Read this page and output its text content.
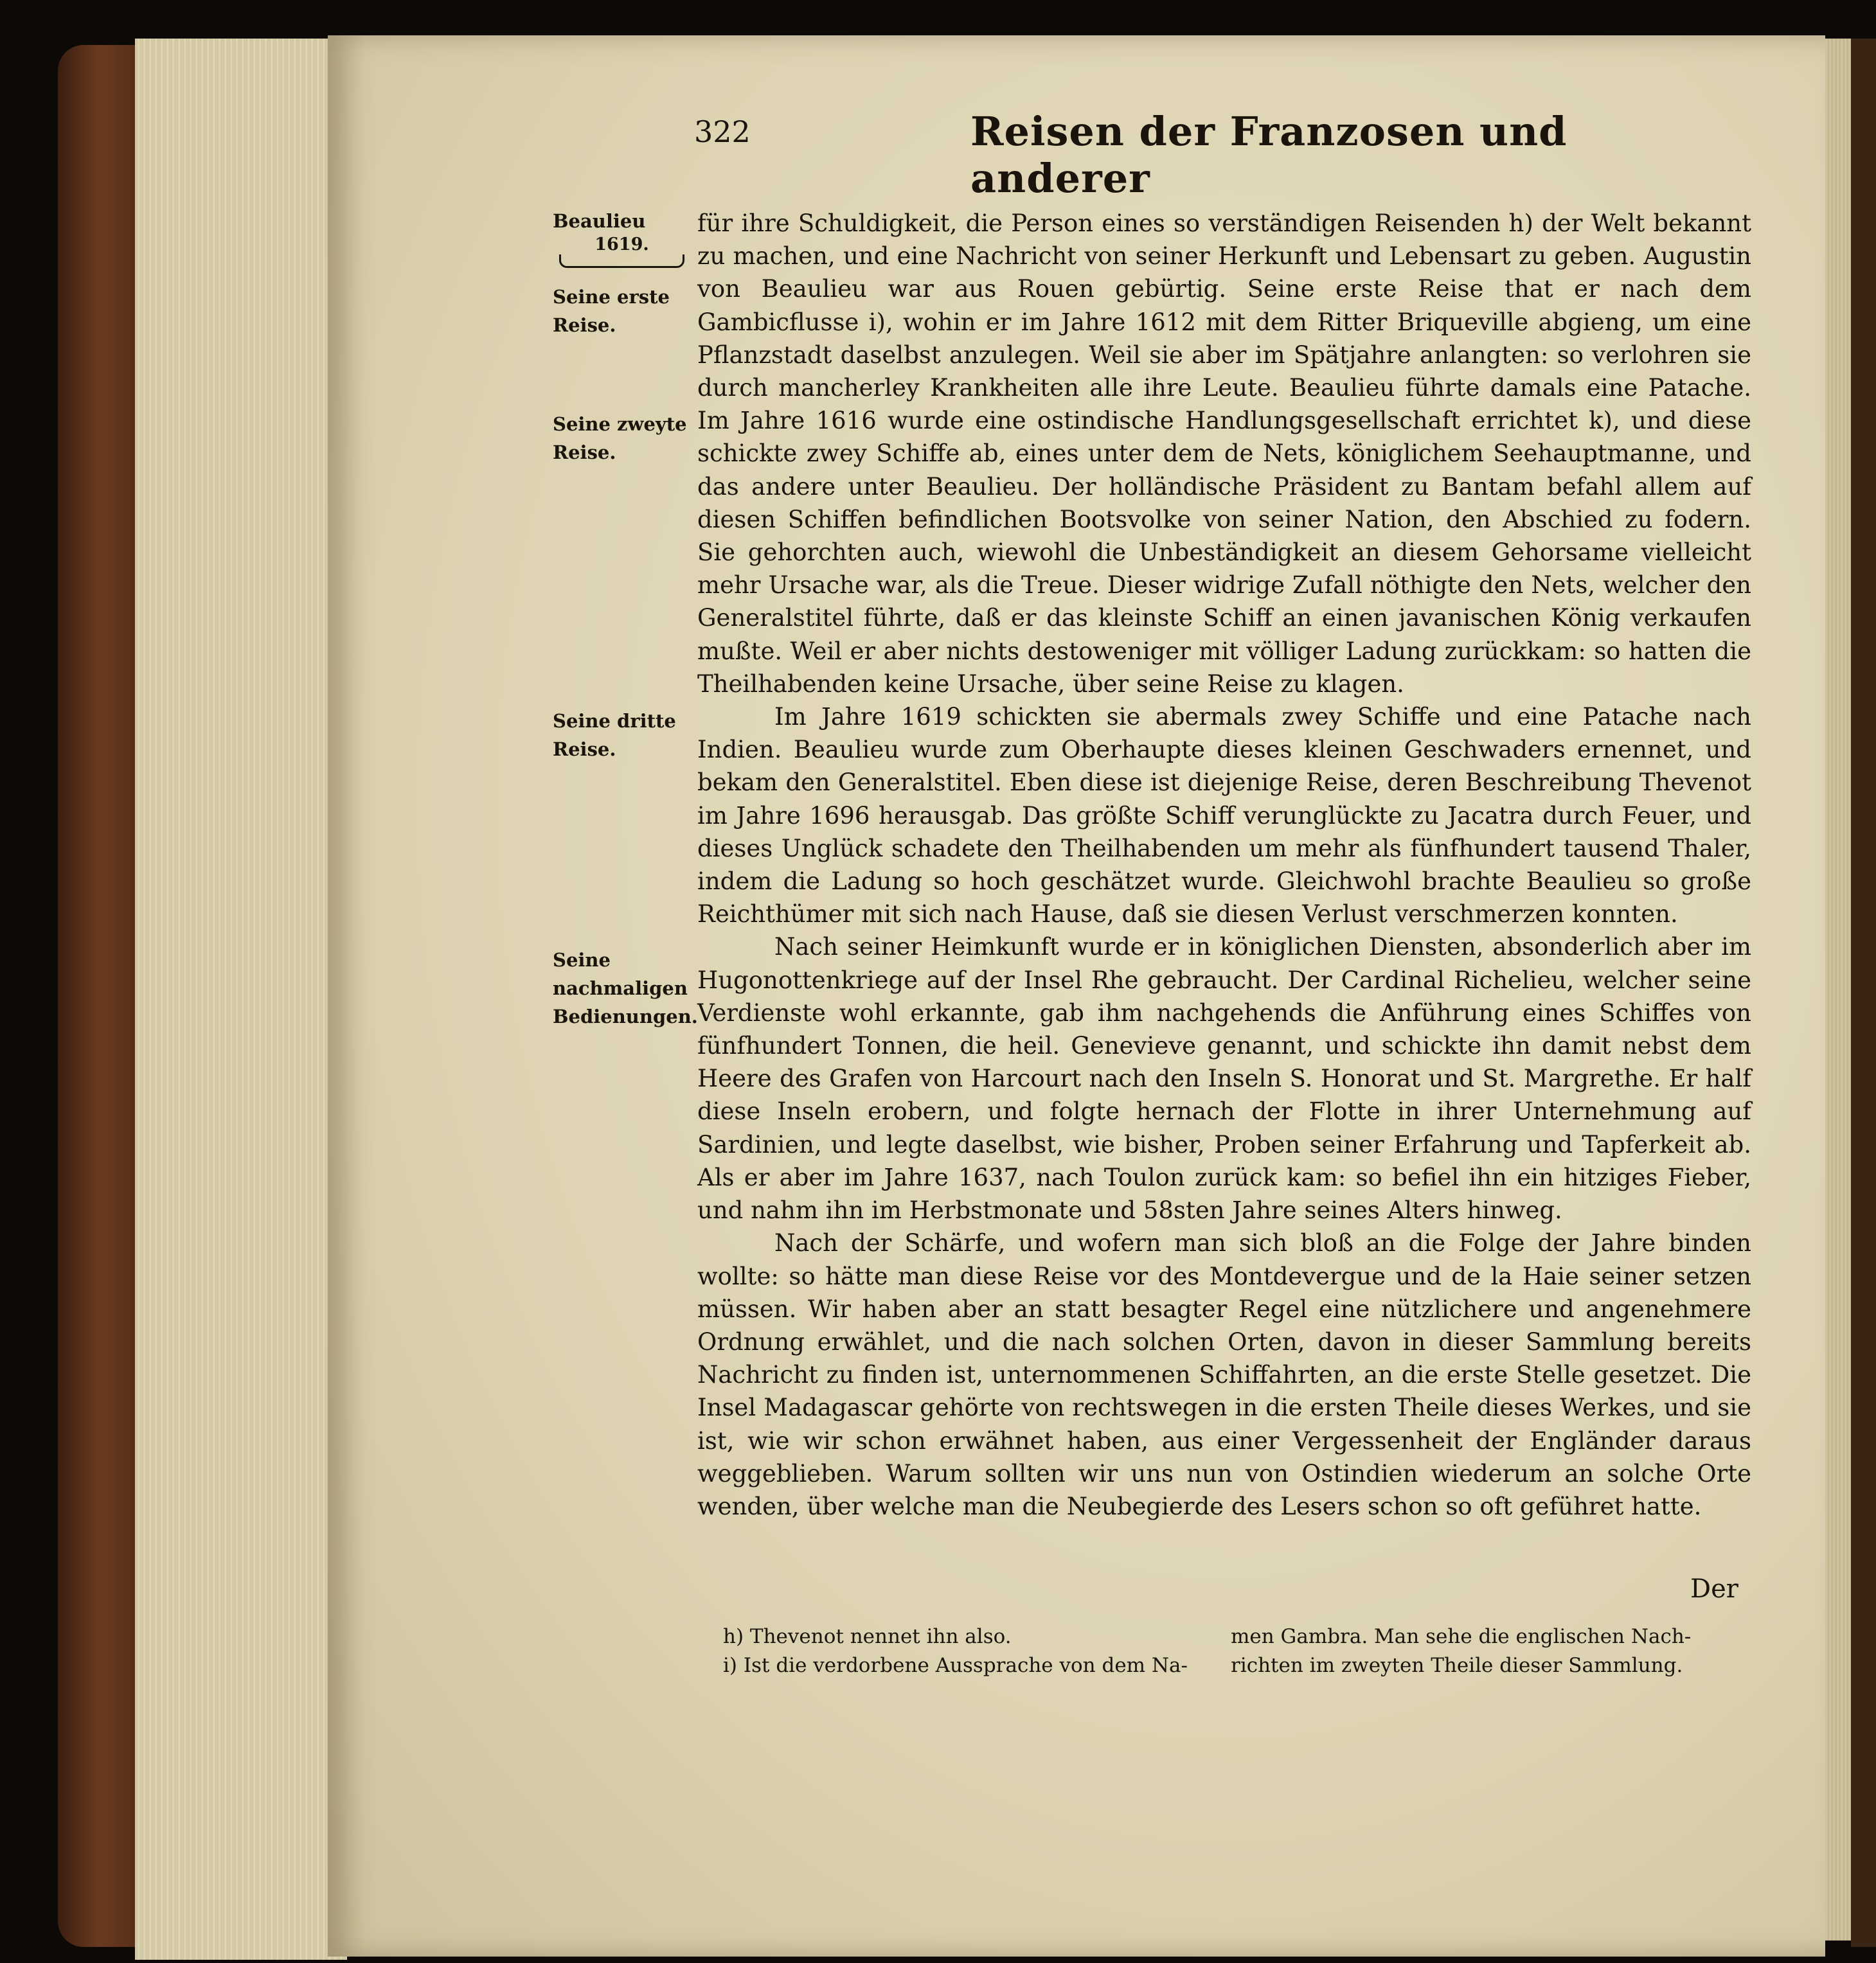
322	Reisen der Franzosen und anderer
Beaulieu
1619.
Seine erste Reise.
Seine zweyte Reise.
Seine dritte Reise.
Seine nachmaligen Bedienungen.

für ihre Schuldigkeit, die Person eines so verständigen Reisenden h) der Welt bekannt zu machen, und eine Nachricht von seiner Herkunft und Lebensart zu geben. Augustin von Beaulieu war aus Rouen gebürtig. Seine erste Reise that er nach dem Gambicflusse i), wohin er im Jahre 1612 mit dem Ritter Briqueville abgieng, um eine Pflanzstadt daselbst anzulegen. Weil sie aber im Spätjahre anlangten: so verlohren sie durch mancherley Krankheiten alle ihre Leute. Beaulieu führte damals eine Patache. Im Jahre 1616 wurde eine ostindische Handlungsgesellschaft errichtet k), und diese schickte zwey Schiffe ab, eines unter dem de Nets, königlichem Seehauptmanne, und das andere unter Beaulieu. Der holländische Präsident zu Bantam befahl allem auf diesen Schiffen befindlichen Bootsvolke von seiner Nation, den Abschied zu fodern. Sie gehorchten auch, wiewohl die Unbeständigkeit an diesem Gehorsame vielleicht mehr Ursache war, als die Treue. Dieser widrige Zufall nöthigte den Nets, welcher den Generalstitel führte, daß er das kleinste Schiff an einen javanischen König verkaufen mußte. Weil er aber nichts destoweniger mit völliger Ladung zurückkam: so hatten die Theilhabenden keine Ursache, über seine Reise zu klagen.

Im Jahre 1619 schickten sie abermals zwey Schiffe und eine Patache nach Indien. Beaulieu wurde zum Oberhaupte dieses kleinen Geschwaders ernennet, und bekam den Generalstitel. Eben diese ist diejenige Reise, deren Beschreibung Thevenot im Jahre 1696 herausgab. Das größte Schiff verunglückte zu Jacatra durch Feuer, und dieses Unglück schadete den Theilhabenden um mehr als fünfhundert tausend Thaler, indem die Ladung so hoch geschätzet wurde. Gleichwohl brachte Beaulieu so große Reichthümer mit sich nach Hause, daß sie diesen Verlust verschmerzen konnten.

Nach seiner Heimkunft wurde er in königlichen Diensten, absonderlich aber im Hugonottenkriege auf der Insel Rhe gebraucht. Der Cardinal Richelieu, welcher seine Verdienste wohl erkannte, gab ihm nachgehends die Anführung eines Schiffes von fünfhundert Tonnen, die heil. Genevieve genannt, und schickte ihn damit nebst dem Heere des Grafen von Harcourt nach den Inseln S. Honorat und St. Margrethe. Er half diese Inseln erobern, und folgte hernach der Flotte in ihrer Unternehmung auf Sardinien, und legte daselbst, wie bisher, Proben seiner Erfahrung und Tapferkeit ab. Als er aber im Jahre 1637, nach Toulon zurück kam: so befiel ihn ein hitziges Fieber, und nahm ihn im Herbstmonate und 58sten Jahre seines Alters hinweg.

Nach der Schärfe, und wofern man sich bloß an die Folge der Jahre binden wollte: so hätte man diese Reise vor des Montdevergue und de la Haie seiner setzen müssen. Wir haben aber an statt besagter Regel eine nützlichere und angenehmere Ordnung erwählet, und die nach solchen Orten, davon in dieser Sammlung bereits Nachricht zu finden ist, unternommenen Schiffahrten, an die erste Stelle gesetzet. Die Insel Madagascar gehörte von rechtswegen in die ersten Theile dieses Werkes, und sie ist, wie wir schon erwähnet haben, aus einer Vergessenheit der Engländer daraus weggeblieben. Warum sollten wir uns nun von Ostindien wiederum an solche Orte wenden, über welche man die Neubegierde des Lesers schon so oft geführet hatte.

Der
h) Thevenot nennet ihn also.
i) Ist die verdorbene Aussprache von dem Na-
men Gambra. Man sehe die englischen Nach-
richten im zweyten Theile dieser Sammlung.
